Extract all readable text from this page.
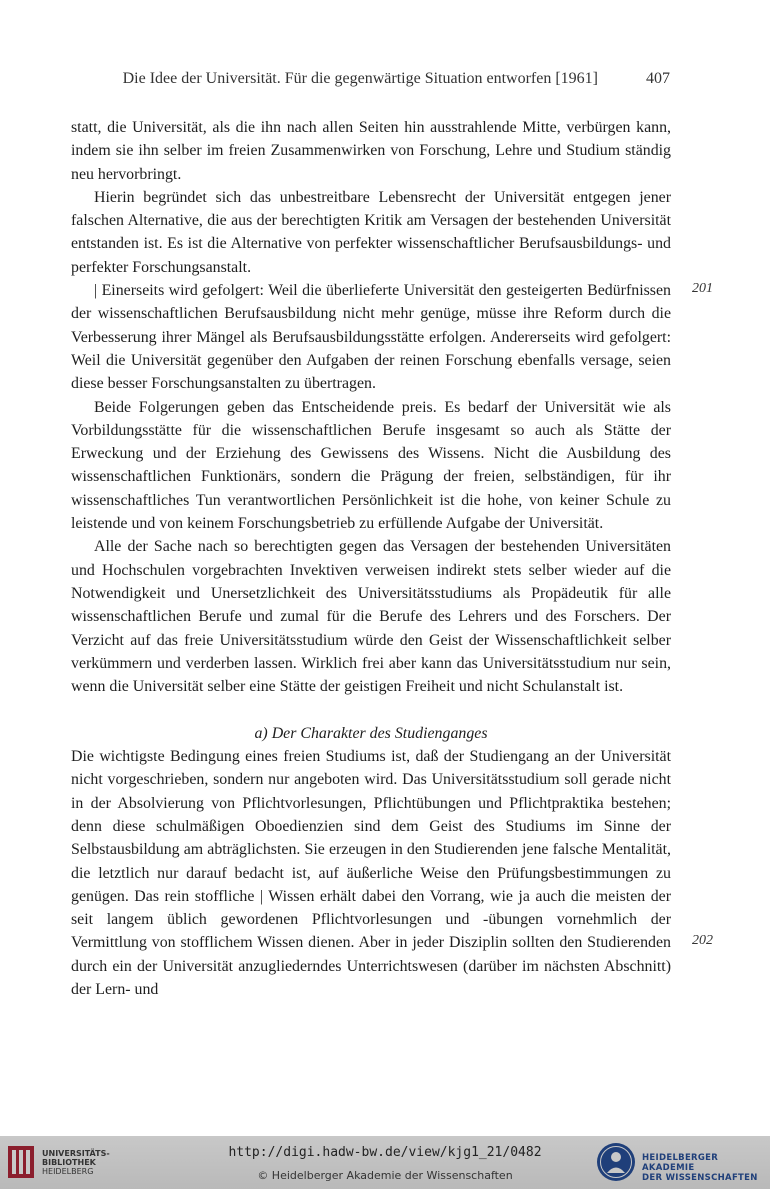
Die Idee der Universität. Für die gegenwärtige Situation entworfen [1961]	407

statt, die Universität, als die ihn nach allen Seiten hin ausstrahlende Mitte, verbürgen kann, indem sie ihn selber im freien Zusammenwirken von Forschung, Lehre und Studium ständig neu hervorbringt.

Hierin begründet sich das unbestreitbare Lebensrecht der Universität entgegen jener falschen Alternative, die aus der berechtigten Kritik am Versagen der bestehenden Universität entstanden ist. Es ist die Alternative von perfekter wissenschaftlicher Berufsausbildungs- und perfekter Forschungsanstalt.

| Einerseits wird gefolgert: Weil die überlieferte Universität den gesteigerten Bedürfnissen der wissenschaftlichen Berufsausbildung nicht mehr genüge, müsse ihre Reform durch die Verbesserung ihrer Mängel als Berufsausbildungsstätte erfolgen. Andererseits wird gefolgert: Weil die Universität gegenüber den Aufgaben der reinen Forschung ebenfalls versage, seien diese besser Forschungsanstalten zu übertragen.

Beide Folgerungen geben das Entscheidende preis. Es bedarf der Universität wie als Vorbildungsstätte für die wissenschaftlichen Berufe insgesamt so auch als Stätte der Erweckung und der Erziehung des Gewissens des Wissens. Nicht die Ausbildung des wissenschaftlichen Funktionärs, sondern die Prägung der freien, selbständigen, für ihr wissenschaftliches Tun verantwortlichen Persönlichkeit ist die hohe, von keiner Schule zu leistende und von keinem Forschungsbetrieb zu erfüllende Aufgabe der Universität.

Alle der Sache nach so berechtigten gegen das Versagen der bestehenden Universitäten und Hochschulen vorgebrachten Invektiven verweisen indirekt stets selber wieder auf die Notwendigkeit und Unersetzlichkeit des Universitätsstudiums als Propädeutik für alle wissenschaftlichen Berufe und zumal für die Berufe des Lehrers und des Forschers. Der Verzicht auf das freie Universitätsstudium würde den Geist der Wissenschaftlichkeit selber verkümmern und verderben lassen. Wirklich frei aber kann das Universitätsstudium nur sein, wenn die Universität selber eine Stätte der geistigen Freiheit und nicht Schulanstalt ist.

a) Der Charakter des Studienganges

Die wichtigste Bedingung eines freien Studiums ist, daß der Studiengang an der Universität nicht vorgeschrieben, sondern nur angeboten wird. Das Universitätsstudium soll gerade nicht in der Absolvierung von Pflichtvorlesungen, Pflichtübungen und Pflichtpraktika bestehen; denn diese schulmäßigen Oboedienzien sind dem Geist des Studiums im Sinne der Selbstausbildung am abträglichsten. Sie erzeugen in den Studierenden jene falsche Mentalität, die letztlich nur darauf bedacht ist, auf äußerliche Weise den Prüfungsbestimmungen zu genügen. Das rein stoffliche | Wissen erhält dabei den Vorrang, wie ja auch die meisten der seit langem üblich gewordenen Pflichtvorlesungen und -übungen vornehmlich der Vermittlung von stofflichem Wissen dienen. Aber in jeder Disziplin sollten den Studierenden durch ein der Universität anzugliederndes Unterrichtswesen (darüber im nächsten Abschnitt) der Lern- und

201
202
UNIVERSITÄTS-
BIBLIOTHEK
HEIDELBERG
http://digi.hadw-bw.de/view/kjg1_21/0482
© Heidelberger Akademie der Wissenschaften
HEIDELBERGER AKADEMIE
DER WISSENSCHAFTEN
